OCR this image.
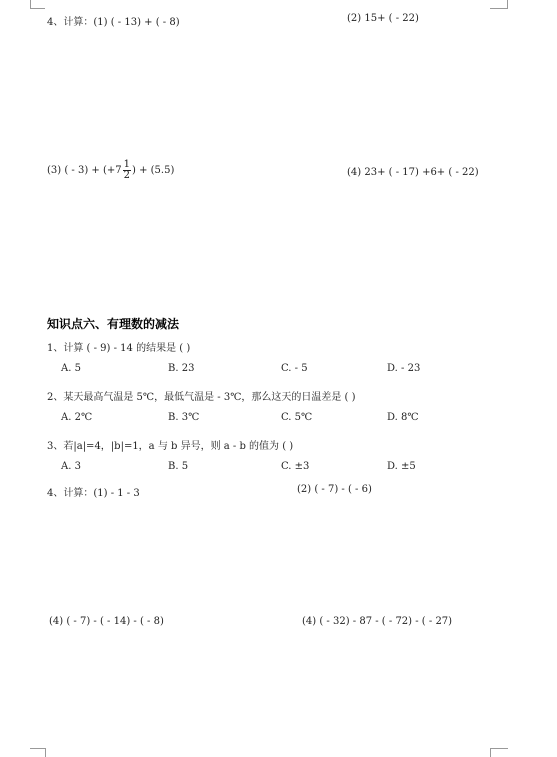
4、计算：(1) ( - 13) + ( - 8)	(2) 15+ ( - 22)
(3) ( - $3) + (+7 \frac{1}{2}$ ) + (5.5)	(4) 23+ ( - 17) +6+ ( - 22)
知识点六、有理数的减法
1、计算 ( - 9) - 14 的结果是 ( )
A. 5	B. 23	C. - 5	D. - 23
2、某天最高气温是 5℃，最低气温是 - 3℃，那么这天的日温差是 ( )
A. 2℃	B. 3℃	C. 5℃	D. 8℃
3、若|a|=4，|b|=1，a 与 b 异号，则 a - b 的值为 ( )
A. 3	B. 5	C. ±3	D. ±5
4、计算：(1) - 1 - 3	(2) ( - 7) - ( - 6)
(4) ( - 7) - ( - 14) - ( - 8)	(4) ( - 32) - 87 - ( - 72) - ( - 27)
